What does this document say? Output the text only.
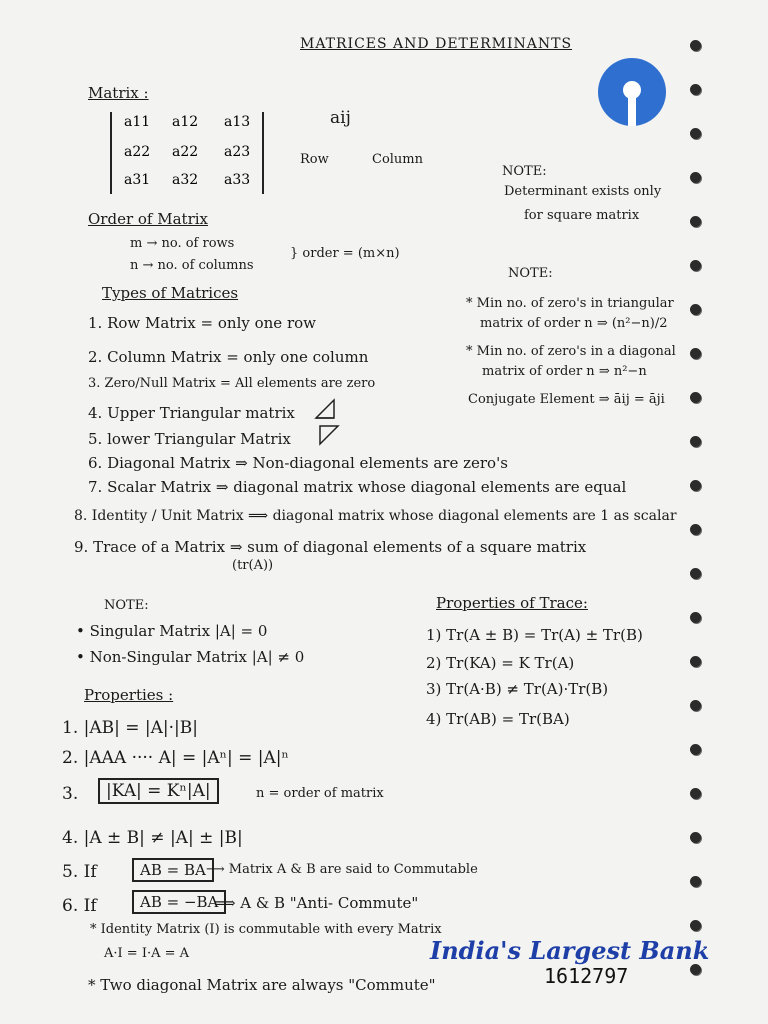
MATRICES AND DETERMINANTS
Matrix :
a11 a12 a13
a22 a22 a23
a31 a32 a33
aij
Row	Column
NOTE:
Determinant exists only
for square matrix
Order of Matrix
m → no. of rows
n → no. of columns
} order = (m×n)
NOTE:
Types of Matrices
1. Row Matrix = only one row
2. Column Matrix = only one column
3. Zero/Null Matrix = All elements are zero
4. Upper Triangular matrix
5. lower Triangular Matrix
6. Diagonal Matrix ⇒ Non-diagonal elements are zero's
7. Scalar Matrix ⇒ diagonal matrix whose diagonal elements are equal
8. Identity / Unit Matrix ⟹ diagonal matrix whose diagonal elements are 1 as scalar
9. Trace of a Matrix ⇒ sum of diagonal elements of a square matrix
(tr(A))
* Min no. of zero's in triangular
matrix of order n ⇒ (n²−n)/2
* Min no. of zero's in a diagonal
matrix of order n ⇒ n²−n
Conjugate Element ⇒ āij = āji
NOTE:
• Singular Matrix |A| = 0
• Non-Singular Matrix |A| ≠ 0
Properties of Trace:
1) Tr(A ± B) = Tr(A) ± Tr(B)
2) Tr(KA) = K Tr(A)
3) Tr(A·B) ≠ Tr(A)·Tr(B)
4) Tr(AB) = Tr(BA)
Properties :
1. |AB| = |A|·|B|
2. |AAA ···· A| = |Aⁿ| = |A|ⁿ
3.	|KA| = Kⁿ|A|	n = order of matrix
4. |A ± B| ≠ |A| ± |B|
5. If	AB = BA ⟶ Matrix A & B are said to Commutable
6. If	AB = −BA
⟹ A & B "Anti- Commute"
* Identity Matrix (I) is commutable with every Matrix
A·I = I·A = A
* Two diagonal Matrix are always "Commute"
India's Largest Bank
1612797
